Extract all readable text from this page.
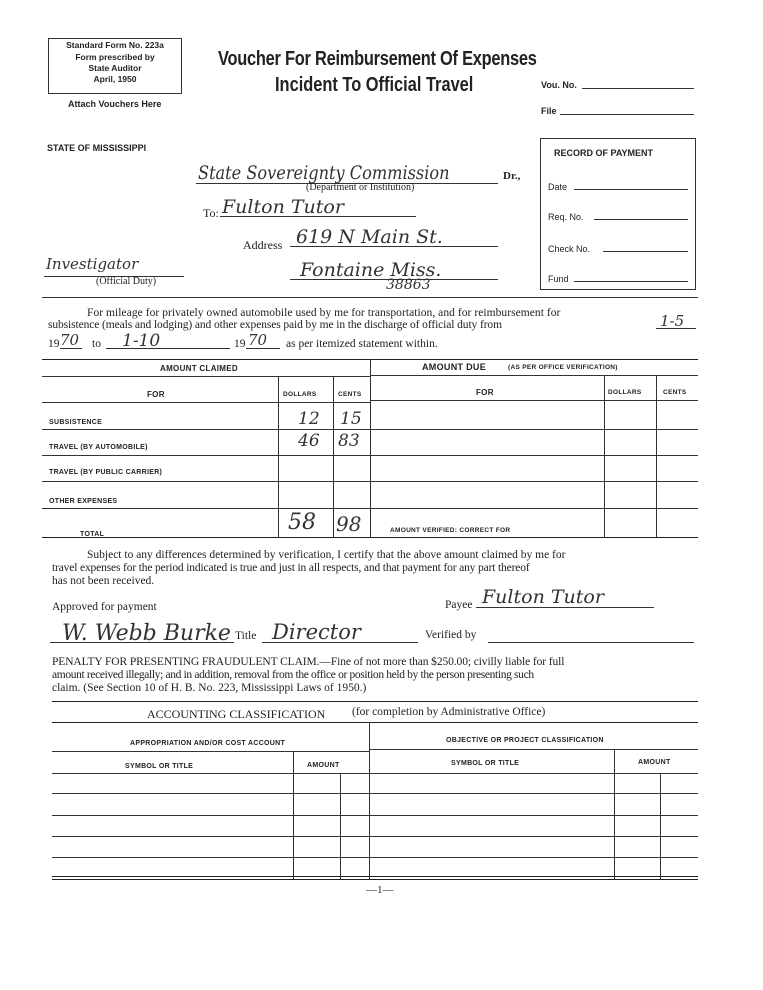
Standard Form No. 223a
Form prescribed by
State Auditor
April, 1950
Attach Vouchers Here
Voucher For Reimbursement Of Expenses
Incident To Official Travel	Vou. No.
File
STATE OF MISSISSIPPI	RECORD OF PAYMENT
Date
Req. No.
Check No.
Fund
State Sovereignty Commission	Dr.,
(Department or Institution)
To: Fulton Tutor
Address 619 N Main St.
Fontaine Miss.
38863
Investigator
(Official Duty)
For mileage for privately owned automobile used by me for transportation, and for reimbursement for
subsistence (meals and lodging) and other expenses paid by me in the discharge of official duty from	1-5
19 70 to 1-10	19 70 as per itemized statement within.
AMOUNT CLAIMED	AMOUNT DUE	(AS PER OFFICE VERIFICATION)
FOR	DOLLARS	CENTS	FOR	DOLLARS	CENTS
SUBSISTENCE	12 15
TRAVEL (BY AUTOMOBILE)	46 83
TRAVEL (BY PUBLIC CARRIER)
OTHER EXPENSES
TOTAL	58 98	AMOUNT VERIFIED: CORRECT FOR
Subject to any differences determined by verification, I certify that the above amount claimed by me for
travel expenses for the period indicated is true and just in all respects, and that payment for any part thereof
has not been received.
Approved for payment	Payee Fulton Tutor
W. Webb Burke Title Director	Verified by
PENALTY FOR PRESENTING FRAUDULENT CLAIM.—Fine of not more than $250.00; civilly liable for full
amount received illegally; and in addition, removal from the office or position held by the person presenting such
claim. (See Section 10 of H. B. No. 223, Mississippi Laws of 1950.)
ACCOUNTING CLASSIFICATION (for completion by Administrative Office)
APPROPRIATION AND/OR COST ACCOUNT	OBJECTIVE OR PROJECT CLASSIFICATION
SYMBOL OR TITLE	AMOUNT	SYMBOL OR TITLE	AMOUNT
—1—
